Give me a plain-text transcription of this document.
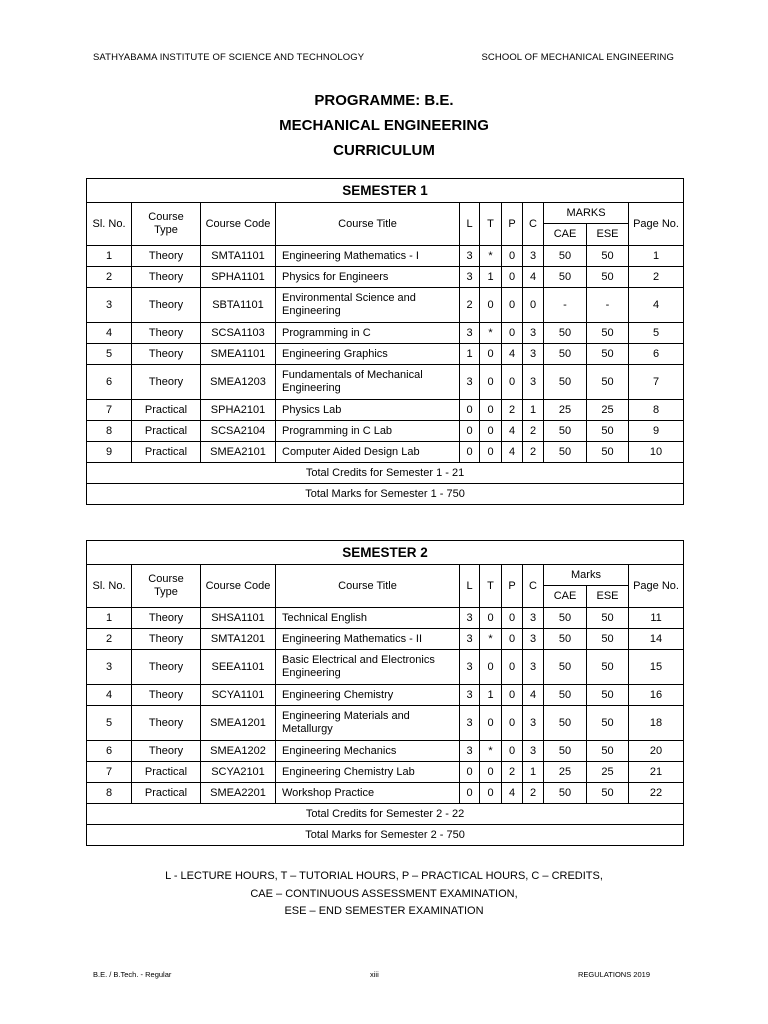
SATHYABAMA INSTITUTE OF SCIENCE AND TECHNOLOGY	SCHOOL OF MECHANICAL ENGINEERING
PROGRAMME: B.E.
MECHANICAL ENGINEERING
CURRICULUM
SEMESTER 1										
Sl. No.	Course Type	Course Code	Course Title	L	T	P	C	MARKS		Page No.
								CAE	ESE	
1	Theory	SMTA1101	Engineering Mathematics - I	3	*	0	3	50	50	1
2	Theory	SPHA1101	Physics for Engineers	3	1	0	4	50	50	2
3	Theory	SBTA1101	Environmental Science and Engineering	2	0	0	0	-	-	4
4	Theory	SCSA1103	Programming in C	3	*	0	3	50	50	5
5	Theory	SMEA1101	Engineering Graphics	1	0	4	3	50	50	6
6	Theory	SMEA1203	Fundamentals of Mechanical Engineering	3	0	0	3	50	50	7
7	Practical	SPHA2101	Physics Lab	0	0	2	1	25	25	8
8	Practical	SCSA2104	Programming in C Lab	0	0	4	2	50	50	9
9	Practical	SMEA2101	Computer Aided Design Lab	0	0	4	2	50	50	10
Total Credits for Semester 1 - 21										
Total Marks for Semester 1 - 750										
SEMESTER 2										
Sl. No.	Course Type	Course Code	Course Title	L	T	P	C	Marks		Page No.
								CAE	ESE	
1	Theory	SHSA1101	Technical English	3	0	0	3	50	50	11
2	Theory	SMTA1201	Engineering Mathematics - II	3	*	0	3	50	50	14
3	Theory	SEEA1101	Basic Electrical and Electronics Engineering	3	0	0	3	50	50	15
4	Theory	SCYA1101	Engineering Chemistry	3	1	0	4	50	50	16
5	Theory	SMEA1201	Engineering Materials and Metallurgy	3	0	0	3	50	50	18
6	Theory	SMEA1202	Engineering Mechanics	3	*	0	3	50	50	20
7	Practical	SCYA2101	Engineering Chemistry Lab	0	0	2	1	25	25	21
8	Practical	SMEA2201	Workshop Practice	0	0	4	2	50	50	22
Total Credits for Semester 2 - 22										
Total Marks for Semester 2 - 750										
L - LECTURE HOURS, T – TUTORIAL HOURS, P – PRACTICAL HOURS, C – CREDITS,
CAE – CONTINUOUS ASSESSMENT EXAMINATION,
ESE – END SEMESTER EXAMINATION
B.E. / B.Tech. - Regular	xiii	REGULATIONS 2019
